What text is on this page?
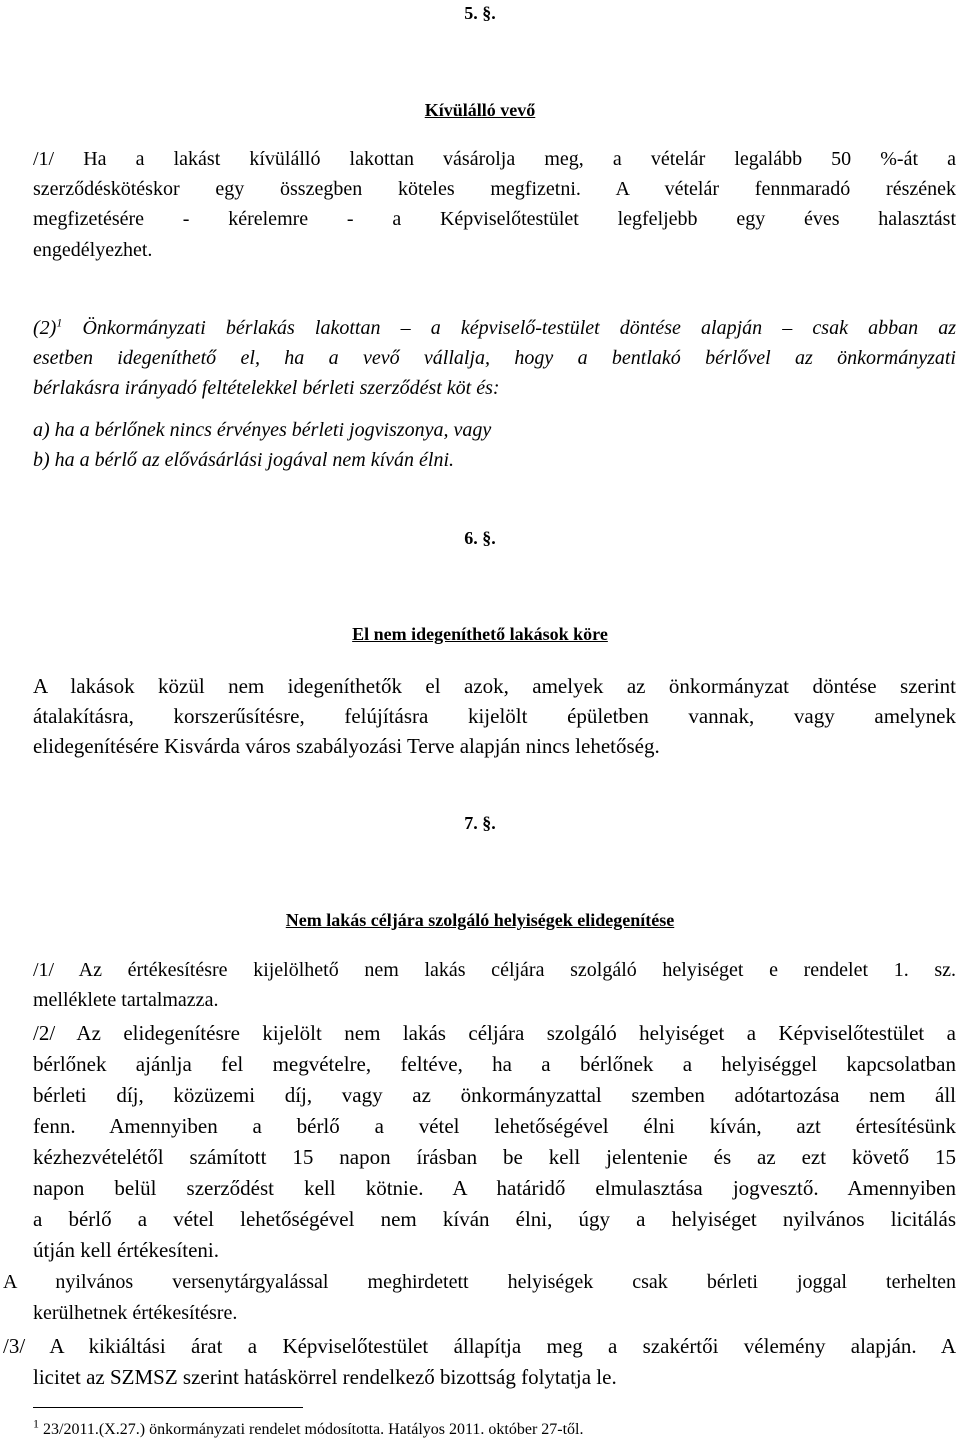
5. §.
Kívülálló vevő
/1/ Ha a lakást kívülálló lakottan vásárolja meg, a vételár legalább 50 %-át a
szerződéskötéskor egy összegben köteles megfizetni. A vételár fennmaradó részének
megfizetésére - kérelemre - a Képviselőtestület legfeljebb egy éves halasztást
engedélyezhet.
(2)$^1$ Önkormányzati bérlakás lakottan – a képviselő-testület döntése alapján – csak abban az
esetben idegeníthető el, ha a vevő vállalja, hogy a bentlakó bérlővel az önkormányzati
bérlakásra irányadó feltételekkel bérleti szerződést köt és:
a) ha a bérlőnek nincs érvényes bérleti jogviszonya, vagy
b) ha a bérlő az elővásárlási jogával nem kíván élni.
6. §.
El nem idegeníthető lakások köre
A lakások közül nem idegeníthetők el azok, amelyek az önkormányzat döntése szerint
átalakításra, korszerűsítésre, felújításra kijelölt épületben vannak, vagy amelynek
elidegenítésére Kisvárda város szabályozási Terve alapján nincs lehetőség.
7. §.
Nem lakás céljára szolgáló helyiségek elidegenítése
/1/ Az értékesítésre kijelölhető nem lakás céljára szolgáló helyiséget e rendelet 1. sz.
melléklete tartalmazza.
/2/ Az elidegenítésre kijelölt nem lakás céljára szolgáló helyiséget a Képviselőtestület a
bérlőnek ajánlja fel megvételre, feltéve, ha a bérlőnek a helyiséggel kapcsolatban
bérleti díj, közüzemi díj, vagy az önkormányzattal szemben adótartozása nem áll
fenn. Amennyiben a bérlő a vétel lehetőségével élni kíván, azt értesítésünk
kézhezvételétől számított 15 napon írásban be kell jelentenie és az ezt követő 15
napon belül szerződést kell kötnie. A határidő elmulasztása jogvesztő. Amennyiben
a bérlő a vétel lehetőségével nem kíván élni, úgy a helyiséget nyilvános licitálás
útján kell értékesíteni.
A nyilvános versenytárgyalással meghirdetett helyiségek csak bérleti joggal terhelten
kerülhetnek értékesítésre.
/3/ A kikiáltási árat a Képviselőtestület állapítja meg a szakértői vélemény alapján. A
licitet az SZMSZ szerint hatáskörrel rendelkező bizottság folytatja le.
$^1$ 23/2011.(X.27.) önkormányzati rendelet módosította. Hatályos 2011. október 27-től.
